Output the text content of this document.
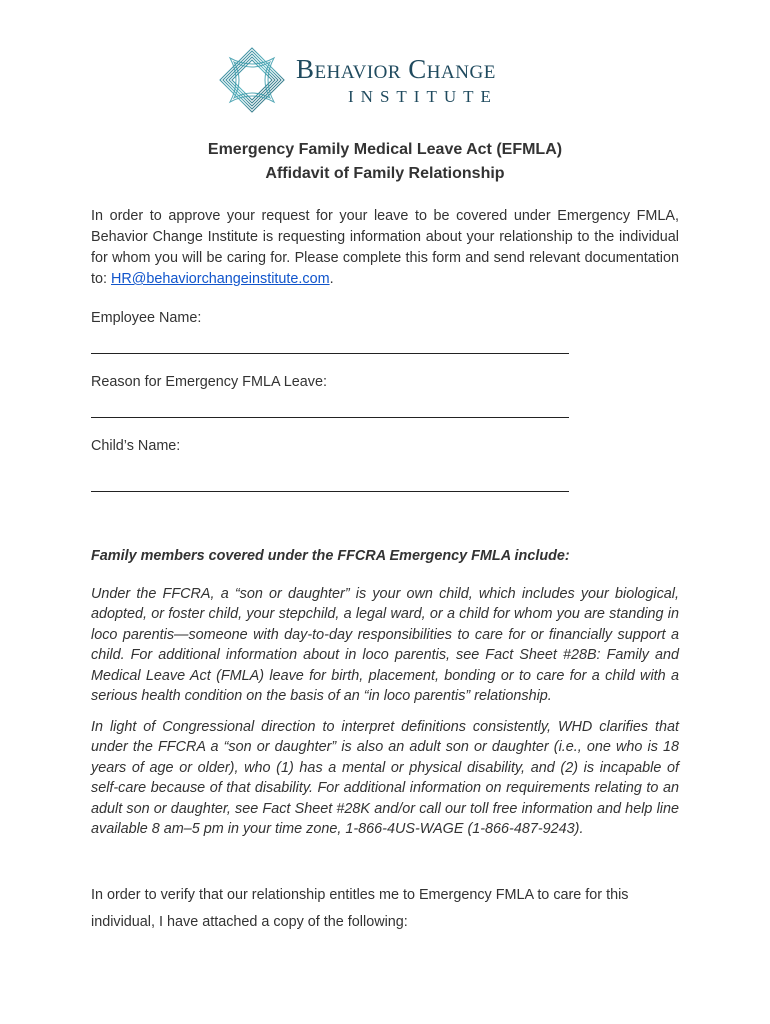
Behavior Change
INSTITUTE
Emergency Family Medical Leave Act (EFMLA)
Affidavit of Family Relationship
In order to approve your request for your leave to be covered under Emergency FMLA, Behavior Change Institute is requesting information about your relationship to the individual for whom you will be caring for. Please complete this form and send relevant documentation to: HR@behaviorchangeinstitute.com.
Employee Name:
Reason for Emergency FMLA Leave:
Child’s Name:
Family members covered under the FFCRA Emergency FMLA include:
Under the FFCRA, a “son or daughter” is your own child, which includes your biological, adopted, or foster child, your stepchild, a legal ward, or a child for whom you are standing in loco parentis—someone with day-to-day responsibilities to care for or financially support a child. For additional information about in loco parentis, see Fact Sheet #28B: Family and Medical Leave Act (FMLA) leave for birth, placement, bonding or to care for a child with a serious health condition on the basis of an “in loco parentis” relationship.
In light of Congressional direction to interpret definitions consistently, WHD clarifies that under the FFCRA a “son or daughter” is also an adult son or daughter (i.e., one who is 18 years of age or older), who (1) has a mental or physical disability, and (2) is incapable of self-care because of that disability. For additional information on requirements relating to an adult son or daughter, see Fact Sheet #28K and/or call our toll free information and help line available 8 am–5 pm in your time zone, 1-866-4US-WAGE (1-866-487-9243).
In order to verify that our relationship entitles me to Emergency FMLA to care for this
individual, I have attached a copy of the following:
